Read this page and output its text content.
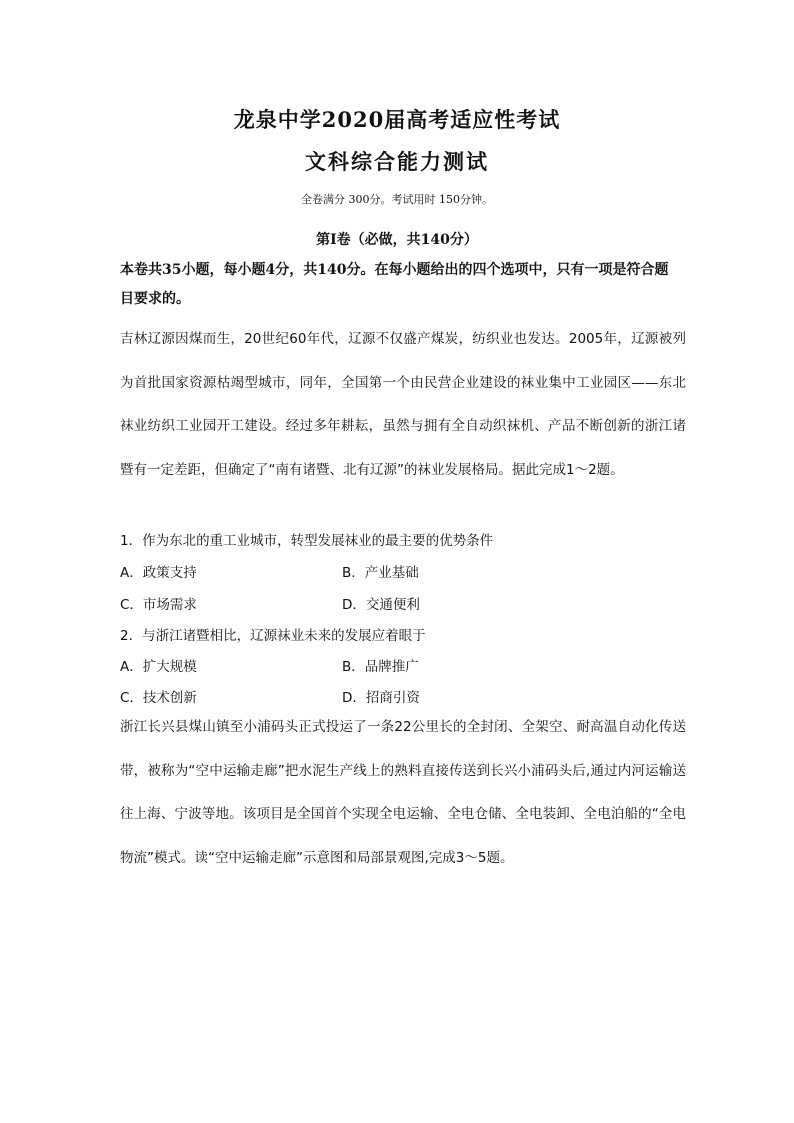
龙泉中学2020届高考适应性考试
文科综合能力测试
全卷满分 300分。考试用时 150分钟。
第Ⅰ卷（必做，共140分）
本卷共35小题，每小题4分，共140分。在每小题给出的四个选项中，只有一项是符合题目要求的。
吉林辽源因煤而生，20世纪60年代，辽源不仅盛产煤炭，纺织业也发达。2005年，辽源被列为首批国家资源枯竭型城市，同年，全国第一个由民营企业建设的袜业集中工业园区——东北袜业纺织工业园开工建设。经过多年耕耘，虽然与拥有全自动织袜机、产品不断创新的浙江诸暨有一定差距，但确定了“南有诸暨、北有辽源”的袜业发展格局。据此完成1～2题。
1．作为东北的重工业城市，转型发展袜业的最主要的优势条件
A．政策支持	B．产业基础
C．市场需求	D．交通便利
2．与浙江诸暨相比，辽源袜业未来的发展应着眼于
A．扩大规模	B．品牌推广
C．技术创新	D．招商引资
浙江长兴县煤山镇至小浦码头正式投运了一条22公里长的全封闭、全架空、耐高温自动化传送带，被称为“空中运输走廊”把水泥生产线上的熟料直接传送到长兴小浦码头后,通过内河运输送往上海、宁波等地。该项目是全国首个实现全电运输、全电仓储、全电装卸、全电泊船的“全电物流”模式。读“空中运输走廊”示意图和局部景观图,完成3～5题。
